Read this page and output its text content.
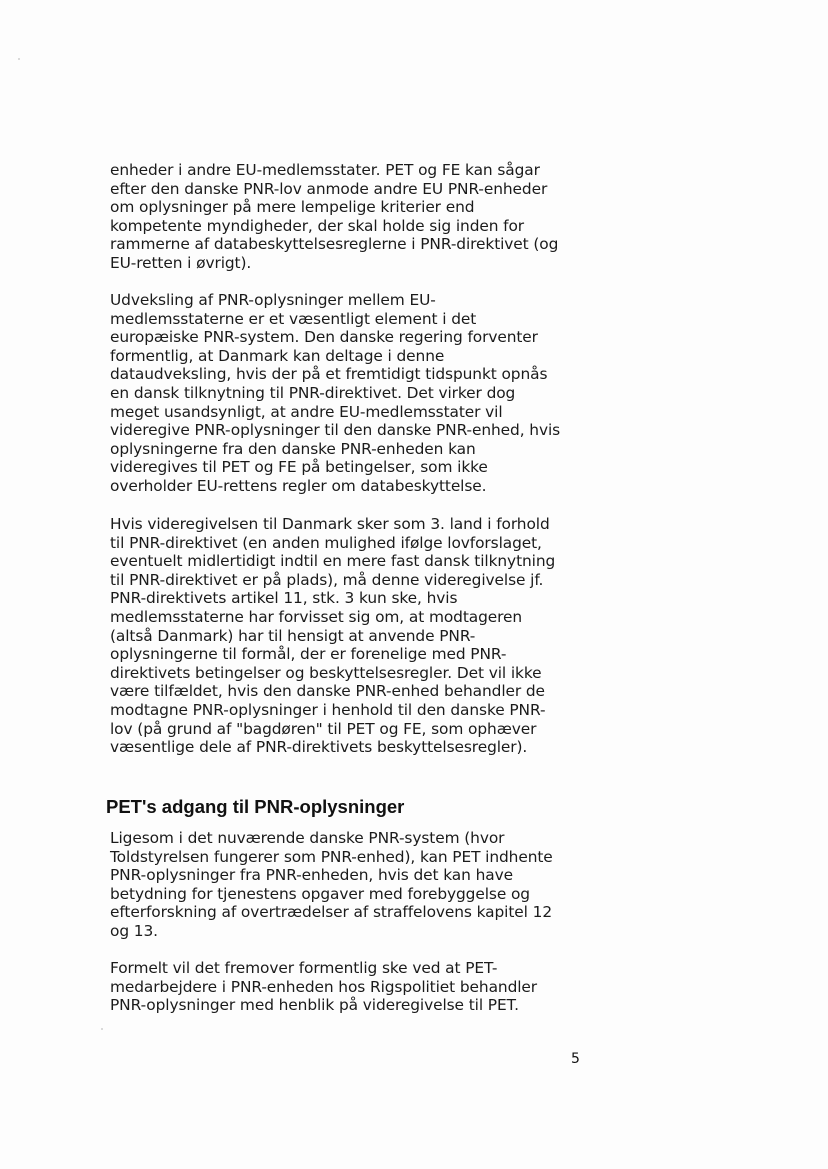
enheder i andre EU-medlemsstater. PET og FE kan sågar
efter den danske PNR-lov anmode andre EU PNR-enheder
om oplysninger på mere lempelige kriterier end
kompetente myndigheder, der skal holde sig inden for
rammerne af databeskyttelsesreglerne i PNR-direktivet (og
EU-retten i øvrigt).
Udveksling af PNR-oplysninger mellem EU-
medlemsstaterne er et væsentligt element i det
europæiske PNR-system. Den danske regering forventer
formentlig, at Danmark kan deltage i denne
dataudveksling, hvis der på et fremtidigt tidspunkt opnås
en dansk tilknytning til PNR-direktivet. Det virker dog
meget usandsynligt, at andre EU-medlemsstater vil
videregive PNR-oplysninger til den danske PNR-enhed, hvis
oplysningerne fra den danske PNR-enheden kan
videregives til PET og FE på betingelser, som ikke
overholder EU-rettens regler om databeskyttelse.
Hvis videregivelsen til Danmark sker som 3. land i forhold
til PNR-direktivet (en anden mulighed ifølge lovforslaget,
eventuelt midlertidigt indtil en mere fast dansk tilknytning
til PNR-direktivet er på plads), må denne videregivelse jf.
PNR-direktivets artikel 11, stk. 3 kun ske, hvis
medlemsstaterne har forvisset sig om, at modtageren
(altså Danmark) har til hensigt at anvende PNR-
oplysningerne til formål, der er forenelige med PNR-
direktivets betingelser og beskyttelsesregler. Det vil ikke
være tilfældet, hvis den danske PNR-enhed behandler de
modtagne PNR-oplysninger i henhold til den danske PNR-
lov (på grund af "bagdøren" til PET og FE, som ophæver
væsentlige dele af PNR-direktivets beskyttelsesregler).
PET's adgang til PNR-oplysninger
Ligesom i det nuværende danske PNR-system (hvor
Toldstyrelsen fungerer som PNR-enhed), kan PET indhente
PNR-oplysninger fra PNR-enheden, hvis det kan have
betydning for tjenestens opgaver med forebyggelse og
efterforskning af overtrædelser af straffelovens kapitel 12
og 13.
Formelt vil det fremover formentlig ske ved at PET-
medarbejdere i PNR-enheden hos Rigspolitiet behandler
PNR-oplysninger med henblik på videregivelse til PET.
5
